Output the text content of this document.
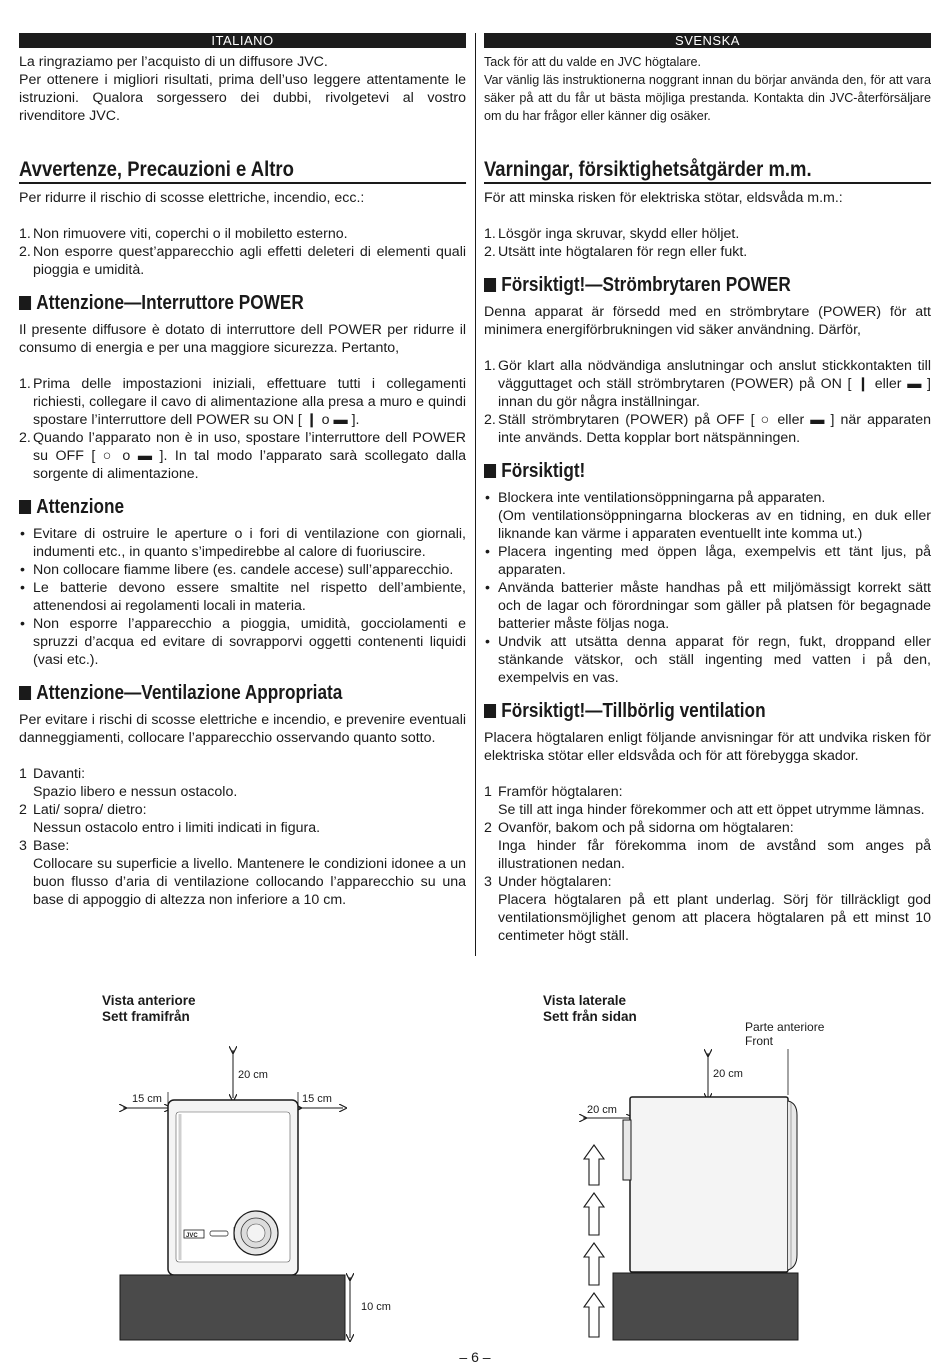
ITALIANO
La ringraziamo per l’acquisto di un diffusore JVC.
Per ottenere i migliori risultati, prima dell’uso leggere attentamente le istruzioni. Qualora sorgessero dei dubbi, rivolgetevi al vostro rivenditore JVC.
Avvertenze, Precauzioni e Altro

Per ridurre il rischio di scosse elettriche, incendio, ecc.:

1. Non rimuovere viti, coperchi o il mobiletto esterno.
2. Non esporre quest’apparecchio agli effetti deleteri di elementi quali pioggia e umidità.
Attenzione—Interruttore POWER

Il presente diffusore è dotato di interruttore dell POWER per ridurre il consumo di energia e per una maggiore sicurezza. Pertanto,

1. Prima delle impostazioni iniziali, effettuare tutti i collegamenti richiesti, collegare il cavo di alimentazione alla presa a muro e quindi spostare l’interruttore dell POWER su ON [ ❙ o ▬ ].
2. Quando l’apparato non è in uso, spostare l’interruttore dell POWER su OFF [ ○ o ▬ ]. In tal modo l’apparato sarà scollegato dalla sorgente di alimentazione.
Attenzione
• Evitare di ostruire le aperture o i fori di ventilazione con giornali, indumenti etc., in quanto s’impedirebbe al calore di fuoriuscire.
• Non collocare fiamme libere (es. candele accese) sull’apparecchio.
• Le batterie devono essere smaltite nel rispetto dell’ambiente, attenendosi ai regolamenti locali in materia.
• Non esporre l’apparecchio a pioggia, umidità, gocciolamenti e spruzzi d’acqua ed evitare di sovrapporvi oggetti contenenti liquidi (vasi etc.).
Attenzione—Ventilazione Appropriata

Per evitare i rischi di scosse elettriche e incendio, e prevenire eventuali danneggiamenti, collocare l’apparecchio osservando quanto sotto.

1 Davanti:
Spazio libero e nessun ostacolo.
2 Lati/ sopra/ dietro:
Nessun ostacolo entro i limiti indicati in figura.
3 Base:
Collocare su superficie a livello. Mantenere le condizioni idonee a un buon flusso d’aria di ventilazione collocando l’apparecchio su una base di appoggio di altezza non inferiore a 10 cm.
SVENSKA
Tack för att du valde en JVC högtalare.
Var vänlig läs instruktionerna noggrant innan du börjar använda den, för att vara säker på att du får ut bästa möjliga prestanda. Kontakta din JVC-återförsäljare om du har frågor eller känner dig osäker.
Varningar, försiktighetsåtgärder m.m.

För att minska risken för elektriska stötar, eldsvåda m.m.:

1. Lösgör inga skruvar, skydd eller höljet.
2. Utsätt inte högtalaren för regn eller fukt.
Försiktigt!—Strömbrytaren POWER

Denna apparat är försedd med en strömbrytare (POWER) för att minimera energiförbrukningen vid säker användning. Därför,

1. Gör klart alla nödvändiga anslutningar och anslut stickkontakten till vägguttaget och ställ strömbrytaren (POWER) på ON [ ❙ eller ▬ ] innan du gör några inställningar.
2. Ställ strömbrytaren (POWER) på OFF [ ○ eller ▬ ] när apparaten inte används. Detta kopplar bort nätspänningen.
Försiktigt!
• Blockera inte ventilationsöppningarna på apparaten.
(Om ventilationsöppningarna blockeras av en tidning, en duk eller liknande kan värme i apparaten eventuellt inte komma ut.)
• Placera ingenting med öppen låga, exempelvis ett tänt ljus, på apparaten.
• Använda batterier måste handhas på ett miljömässigt korrekt sätt och de lagar och förordningar som gäller på platsen för begagnade batterier måste följas noga.
• Undvik att utsätta denna apparat för regn, fukt, droppand eller stänkande vätskor, och ställ ingenting med vatten i på den, exempelvis en vas.
Försiktigt!—Tillbörlig ventilation

Placera högtalaren enligt följande anvisningar för att undvika risken för elektriska stötar eller eldsvåda och för att förebygga skador.

1 Framför högtalaren:
Se till att inga hinder förekommer och att ett öppet utrymme lämnas.
2 Ovanför, bakom och på sidorna om högtalaren:
Inga hinder får förekomma inom de avstånd som anges på illustrationen nedan.
3 Under högtalaren:
Placera högtalaren på ett plant underlag. Sörj för tillräckligt god ventilationsmöjlighet genom att placera högtalaren på ett minst 10 centimeter högt ställ.
Vista anteriore
Sett framifrån
Vista laterale
Sett från sidan
20 cm
15 cm	15 cm
JVC
10 cm
Parte anteriore
Front
20 cm
20 cm
– 6 –
